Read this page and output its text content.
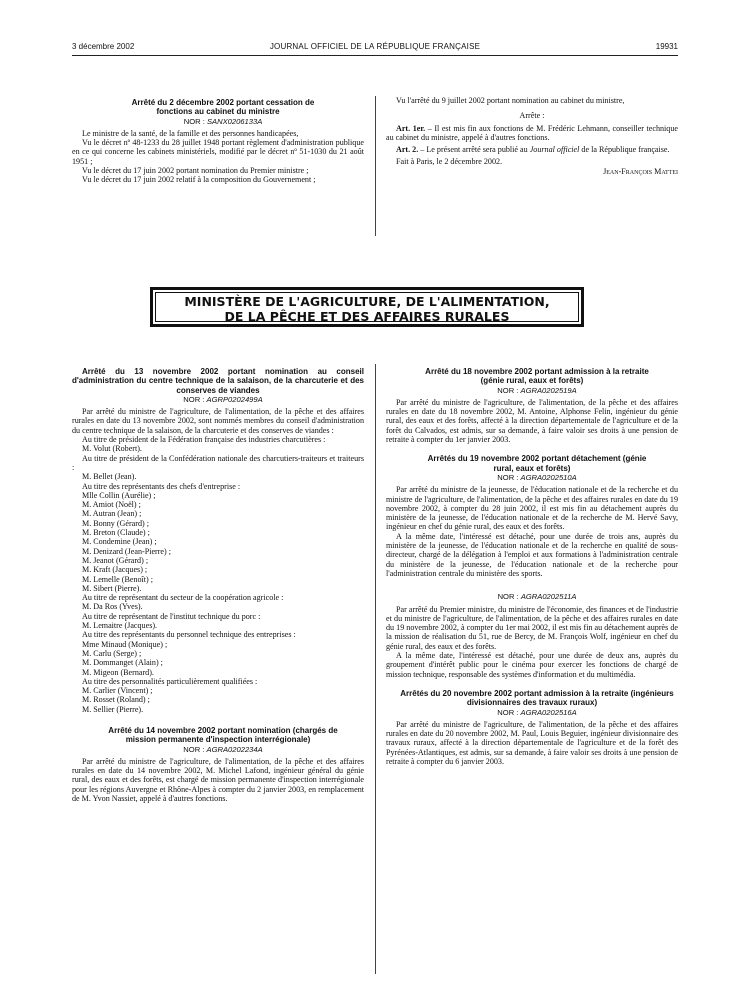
3 décembre 2002	JOURNAL OFFICIEL DE LA RÉPUBLIQUE FRANÇAISE	19931

Arrêté du 2 décembre 2002 portant cessation de fonctions au cabinet du ministre

NOR : SANX0206133A

Le ministre de la santé, de la famille et des personnes handicapées,

Vu le décret nº 48-1233 du 28 juillet 1948 portant règlement d'administration publique en ce qui concerne les cabinets ministériels, modifié par le décret nº 51-1030 du 21 août 1951 ;

Vu le décret du 17 juin 2002 portant nomination du Premier ministre ;

Vu le décret du 17 juin 2002 relatif à la composition du Gouvernement ;

Vu l'arrêté du 9 juillet 2002 portant nomination au cabinet du ministre,

Arrête :

Art. 1er. – Il est mis fin aux fonctions de M. Frédéric Lehmann, conseiller technique au cabinet du ministre, appelé à d'autres fonctions.

Art. 2. – Le présent arrêté sera publié au Journal officiel de la République française.

Fait à Paris, le 2 décembre 2002.

Jean-François Mattei

MINISTÈRE DE L'AGRICULTURE, DE L'ALIMENTATION,
DE LA PÊCHE ET DES AFFAIRES RURALES

Arrêté du 13 novembre 2002 portant nomination au conseil d'administration du centre technique de la salaison, de la charcuterie et des conserves de viandes

NOR : AGRP0202499A

Par arrêté du ministre de l'agriculture, de l'alimentation, de la pêche et des affaires rurales en date du 13 novembre 2002, sont nommés membres du conseil d'administration du centre technique de la salaison, de la charcuterie et des conserves de viandes :

Au titre de président de la Fédération française des industries charcutières :

M. Volut (Robert).

Au titre de président de la Confédération nationale des charcutiers-traiteurs et traiteurs :

M. Bellet (Jean).

Au titre des représentants des chefs d'entreprise :

Mlle Collin (Aurélie) ;

M. Amiot (Noël) ;

M. Autran (Jean) ;

M. Bonny (Gérard) ;

M. Breton (Claude) ;

M. Condemine (Jean) ;

M. Denizard (Jean-Pierre) ;

M. Jeanot (Gérard) ;

M. Kraft (Jacques) ;

M. Lemelle (Benoît) ;

M. Sibert (Pierre).

Au titre de représentant du secteur de la coopération agricole :

M. Da Ros (Yves).

Au titre de représentant de l'institut technique du porc :

M. Lemaitre (Jacques).

Au titre des représentants du personnel technique des entreprises :

Mme Minaud (Monique) ;

M. Carlu (Serge) ;

M. Dommanget (Alain) ;

M. Migeon (Bernard).

Au titre des personnalités particulièrement qualifiées :

M. Carlier (Vincent) ;

M. Rosset (Roland) ;

M. Sellier (Pierre).

Arrêté du 14 novembre 2002 portant nomination (chargés de mission permanente d'inspection interrégionale)

NOR : AGRA0202234A

Par arrêté du ministre de l'agriculture, de l'alimentation, de la pêche et des affaires rurales en date du 14 novembre 2002, M. Michel Lafond, ingénieur général du génie rural, des eaux et des forêts, est chargé de mission permanente d'inspection interrégionale pour les régions Auvergne et Rhône-Alpes à compter du 2 janvier 2003, en remplacement de M. Yvon Nassiet, appelé à d'autres fonctions.

Arrêté du 18 novembre 2002 portant admission à la retraite (génie rural, eaux et forêts)

NOR : AGRA0202519A

Par arrêté du ministre de l'agriculture, de l'alimentation, de la pêche et des affaires rurales en date du 18 novembre 2002, M. Antoine, Alphonse Felin, ingénieur du génie rural, des eaux et des forêts, affecté à la direction départementale de l'agriculture et de la forêt du Calvados, est admis, sur sa demande, à faire valoir ses droits à une pension de retraite à compter du 1er janvier 2003.

Arrêtés du 19 novembre 2002 portant détachement (génie rural, eaux et forêts)

NOR : AGRA0202510A

Par arrêté du ministre de la jeunesse, de l'éducation nationale et de la recherche et du ministre de l'agriculture, de l'alimentation, de la pêche et des affaires rurales en date du 19 novembre 2002, à compter du 28 juin 2002, il est mis fin au détachement auprès du ministère de la jeunesse, de l'éducation nationale et de la recherche de M. Hervé Savy, ingénieur en chef du génie rural, des eaux et des forêts.

A la même date, l'intéressé est détaché, pour une durée de trois ans, auprès du ministère de la jeunesse, de l'éducation nationale et de la recherche en qualité de sous-directeur, chargé de la délégation à l'emploi et aux formations à l'administration centrale du ministère de la jeunesse, de l'éducation nationale et de la recherche pour l'administration centrale du ministère des sports.

NOR : AGRA0202511A

Par arrêté du Premier ministre, du ministre de l'économie, des finances et de l'industrie et du ministre de l'agriculture, de l'alimentation, de la pêche et des affaires rurales en date du 19 novembre 2002, à compter du 1er mai 2002, il est mis fin au détachement auprès de la mission de réalisation du 51, rue de Bercy, de M. François Wolf, ingénieur en chef du génie rural, des eaux et des forêts.

A la même date, l'intéressé est détaché, pour une durée de deux ans, auprès du groupement d'intérêt public pour le cinéma pour exercer les fonctions de chargé de mission technique, responsable des systèmes d'information et du multimédia.

Arrêtés du 20 novembre 2002 portant admission à la retraite (ingénieurs divisionnaires des travaux ruraux)

NOR : AGRA0202516A

Par arrêté du ministre de l'agriculture, de l'alimentation, de la pêche et des affaires rurales en date du 20 novembre 2002, M. Paul, Louis Beguier, ingénieur divisionnaire des travaux ruraux, affecté à la direction départementale de l'agriculture et de la forêt des Pyrénées-Atlantiques, est admis, sur sa demande, à faire valoir ses droits à une pension de retraite à compter du 6 janvier 2003.
